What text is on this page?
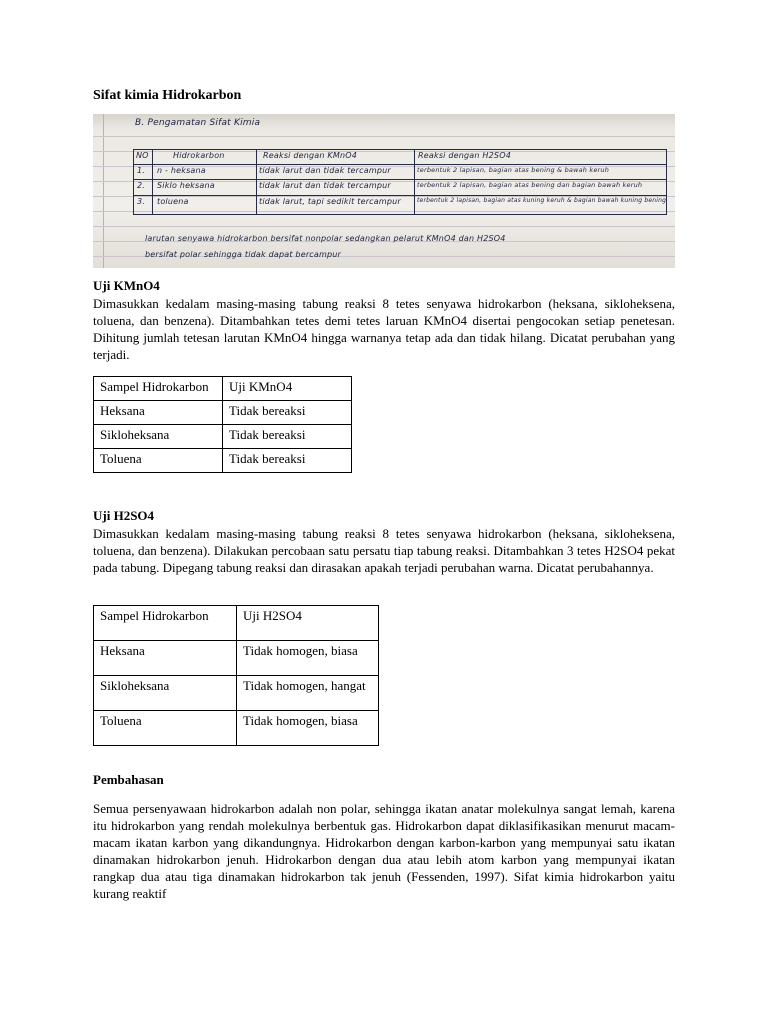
Sifat kimia Hidrokarbon
B. Pengamatan Sifat Kimia
NO	Hidrokarbon	Reaksi dengan KMnO4	Reaksi dengan H2SO4
1. n - heksana	tidak larut dan tidak tercampur	terbentuk 2 lapisan, bagian atas bening & bawah keruh
2. Siklo heksana	tidak larut dan tidak tercampur	terbentuk 2 lapisan, bagian atas bening dan bagian bawah keruh
3. toluena	tidak larut, tapi sedikit tercampur	terbentuk 2 lapisan, bagian atas kuning keruh & bagian bawah kuning bening
larutan senyawa hidrokarbon bersifat nonpolar sedangkan pelarut KMnO4 dan H2SO4
bersifat polar sehingga tidak dapat bercampur
Uji KMnO4
Dimasukkan kedalam masing-masing tabung reaksi 8 tetes senyawa hidrokarbon (heksana, sikloheksena, toluena, dan benzena). Ditambahkan tetes demi tetes laruan KMnO4 disertai pengocokan setiap penetesan. Dihitung jumlah tetesan larutan KMnO4 hingga warnanya tetap ada dan tidak hilang. Dicatat perubahan yang terjadi.
Sampel Hidrokarbon	Uji KMnO4
Heksana	Tidak bereaksi
Sikloheksana	Tidak bereaksi
Toluena	Tidak bereaksi
Uji H2SO4
Dimasukkan kedalam masing-masing tabung reaksi 8 tetes senyawa hidrokarbon (heksana, sikloheksena, toluena, dan benzena). Dilakukan percobaan satu persatu tiap tabung reaksi. Ditambahkan 3 tetes H2SO4 pekat pada tabung. Dipegang tabung reaksi dan dirasakan apakah terjadi perubahan warna. Dicatat perubahannya.
Sampel Hidrokarbon	Uji H2SO4
Heksana	Tidak homogen, biasa
Sikloheksana	Tidak homogen, hangat
Toluena	Tidak homogen, biasa
Pembahasan
Semua persenyawaan hidrokarbon adalah non polar, sehingga ikatan anatar molekulnya sangat lemah, karena itu hidrokarbon yang rendah molekulnya berbentuk gas. Hidrokarbon dapat diklasifikasikan menurut macam-macam ikatan karbon yang dikandungnya. Hidrokarbon dengan karbon-karbon yang mempunyai satu ikatan dinamakan hidrokarbon jenuh. Hidrokarbon dengan dua atau lebih atom karbon yang mempunyai ikatan rangkap dua atau tiga dinamakan hidrokarbon tak jenuh (Fessenden, 1997). Sifat kimia hidrokarbon yaitu kurang reaktif
